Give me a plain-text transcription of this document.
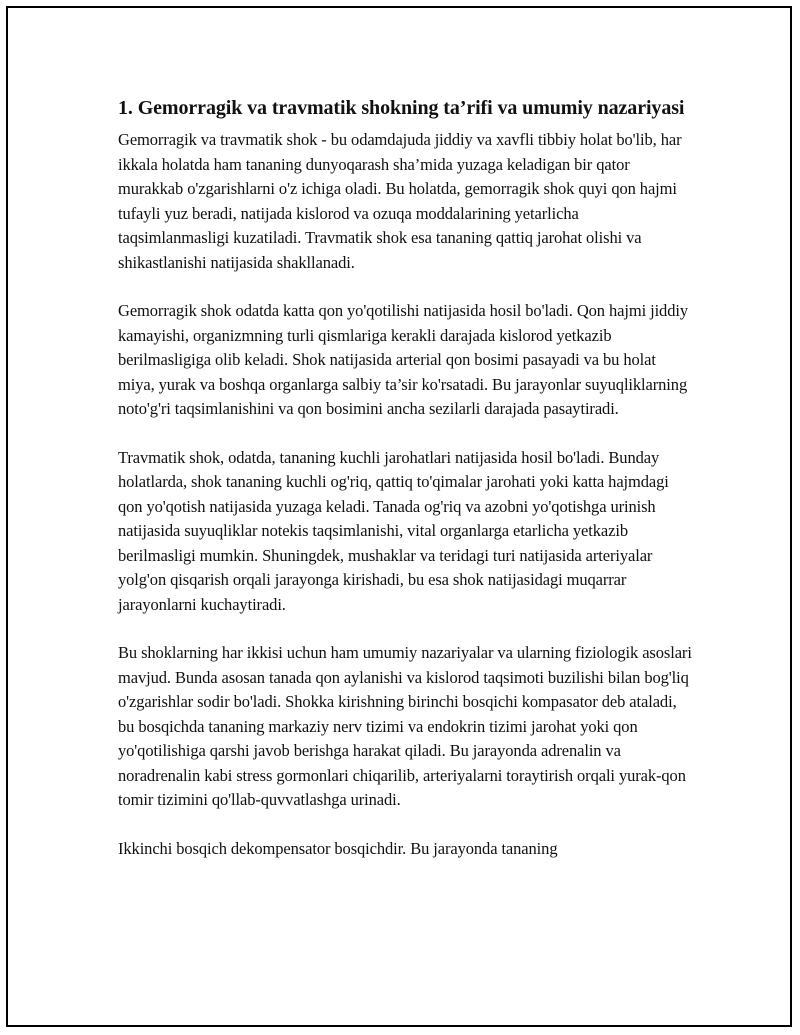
1. Gemorragik va travmatik shokning ta’rifi va umumiy nazariyasi

Gemorragik va travmatik shok - bu odamdajuda jiddiy va xavfli tibbiy holat bo'lib, har ikkala holatda ham tananing dunyoqarash sha’mida yuzaga keladigan bir qator murakkab o'zgarishlarni o'z ichiga oladi. Bu holatda, gemorragik shok quyi qon hajmi tufayli yuz beradi, natijada kislorod va ozuqa moddalarining yetarlicha taqsimlanmasligi kuzatiladi. Travmatik shok esa tananing qattiq jarohat olishi va shikastlanishi natijasida shakllanadi.

Gemorragik shok odatda katta qon yo'qotilishi natijasida hosil bo'ladi. Qon hajmi jiddiy kamayishi, organizmning turli qismlariga kerakli darajada kislorod yetkazib berilmasligiga olib keladi. Shok natijasida arterial qon bosimi pasayadi va bu holat miya, yurak va boshqa organlarga salbiy ta’sir ko'rsatadi. Bu jarayonlar suyuqliklarning noto'g'ri taqsimlanishini va qon bosimini ancha sezilarli darajada pasaytiradi.

Travmatik shok, odatda, tananing kuchli jarohatlari natijasida hosil bo'ladi. Bunday holatlarda, shok tananing kuchli og'riq, qattiq to'qimalar jarohati yoki katta hajmdagi qon yo'qotish natijasida yuzaga keladi. Tanada og'riq va azobni yo'qotishga urinish natijasida suyuqliklar notekis taqsimlanishi, vital organlarga etarlicha yetkazib berilmasligi mumkin. Shuningdek, mushaklar va teridagi turi natijasida arteriyalar yolg'on qisqarish orqali jarayonga kirishadi, bu esa shok natijasidagi muqarrar jarayonlarni kuchaytiradi.

Bu shoklarning har ikkisi uchun ham umumiy nazariyalar va ularning fiziologik asoslari mavjud. Bunda asosan tanada qon aylanishi va kislorod taqsimoti buzilishi bilan bog'liq o'zgarishlar sodir bo'ladi. Shokka kirishning birinchi bosqichi kompasator deb ataladi, bu bosqichda tananing markaziy nerv tizimi va endokrin tizimi jarohat yoki qon yo'qotilishiga qarshi javob berishga harakat qiladi. Bu jarayonda adrenalin va noradrenalin kabi stress gormonlari chiqarilib, arteriyalarni toraytirish orqali yurak-qon tomir tizimini qo'llab-quvvatlashga urinadi.

Ikkinchi bosqich dekompensator bosqichdir. Bu jarayonda tananing
